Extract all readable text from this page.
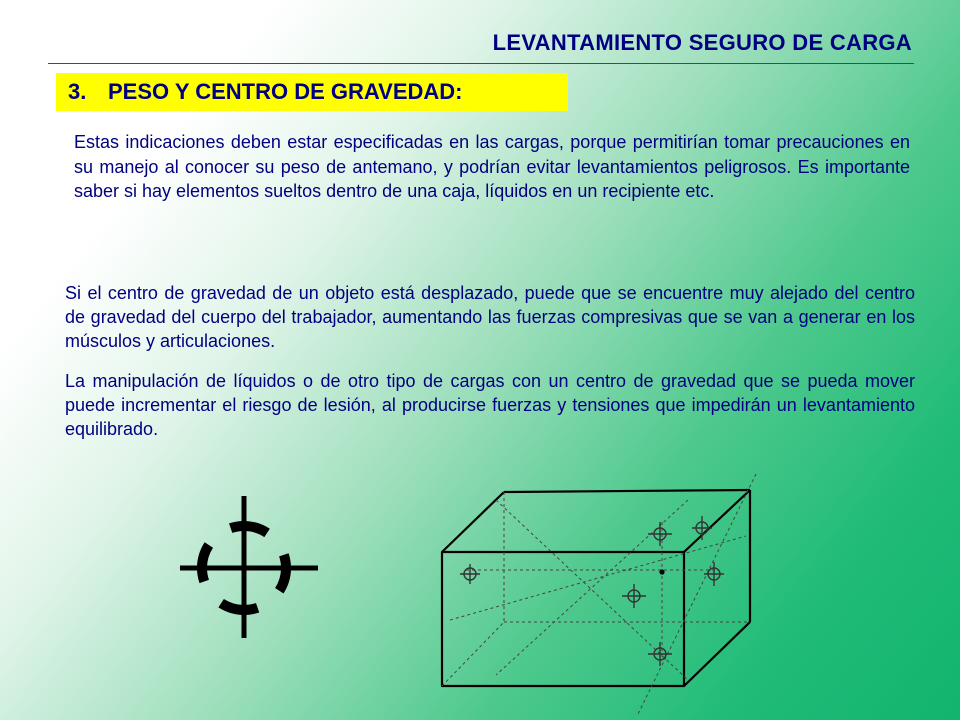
LEVANTAMIENTO SEGURO DE CARGA
3. PESO Y CENTRO DE GRAVEDAD:

Estas indicaciones deben estar especificadas en las cargas, porque permitirían tomar precauciones en su manejo al conocer su peso de antemano, y podrían evitar levantamientos peligrosos. Es importante saber si hay elementos sueltos dentro de una caja, líquidos en un recipiente etc.

Si el centro de gravedad de un objeto está desplazado, puede que se encuentre muy alejado del centro de gravedad del cuerpo del trabajador, aumentando las fuerzas compresivas que se van a generar en los músculos y articulaciones.

La manipulación de líquidos o de otro tipo de cargas con un centro de gravedad que se pueda mover puede incrementar el riesgo de lesión, al producirse fuerzas y tensiones que impedirán un levantamiento equilibrado.
